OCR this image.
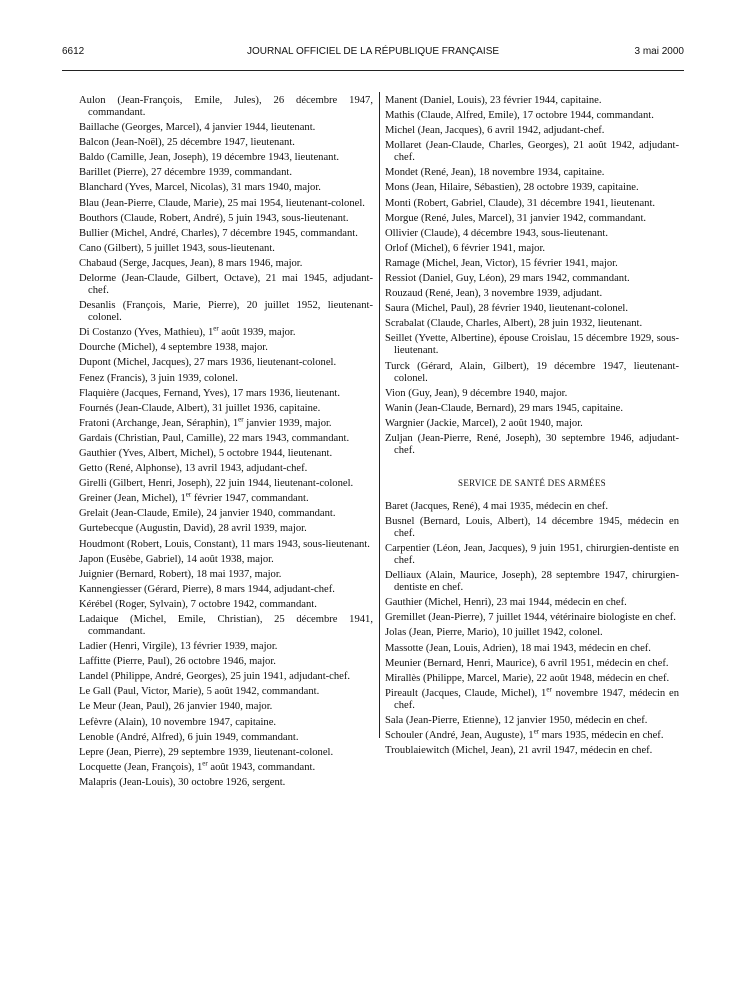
6612	JOURNAL OFFICIEL DE LA RÉPUBLIQUE FRANÇAISE	3 mai 2000
Aulon (Jean-François, Emile, Jules), 26 décembre 1947, commandant.
Baillache (Georges, Marcel), 4 janvier 1944, lieutenant.
Balcon (Jean-Noël), 25 décembre 1947, lieutenant.
Baldo (Camille, Jean, Joseph), 19 décembre 1943, lieutenant.
Barillet (Pierre), 27 décembre 1939, commandant.
Blanchard (Yves, Marcel, Nicolas), 31 mars 1940, major.
Blau (Jean-Pierre, Claude, Marie), 25 mai 1954, lieutenant-colonel.
Bouthors (Claude, Robert, André), 5 juin 1943, sous-lieutenant.
Bullier (Michel, André, Charles), 7 décembre 1945, commandant.
Cano (Gilbert), 5 juillet 1943, sous-lieutenant.
Chabaud (Serge, Jacques, Jean), 8 mars 1946, major.
Delorme (Jean-Claude, Gilbert, Octave), 21 mai 1945, adjudant-chef.
Desanlis (François, Marie, Pierre), 20 juillet 1952, lieutenant-colonel.
Di Costanzo (Yves, Mathieu), 1er août 1939, major.
Dourche (Michel), 4 septembre 1938, major.
Dupont (Michel, Jacques), 27 mars 1936, lieutenant-colonel.
Fenez (Francis), 3 juin 1939, colonel.
Flaquière (Jacques, Fernand, Yves), 17 mars 1936, lieutenant.
Fournés (Jean-Claude, Albert), 31 juillet 1936, capitaine.
Fratoni (Archange, Jean, Séraphin), 1er janvier 1939, major.
Gardais (Christian, Paul, Camille), 22 mars 1943, commandant.
Gauthier (Yves, Albert, Michel), 5 octobre 1944, lieutenant.
Getto (René, Alphonse), 13 avril 1943, adjudant-chef.
Girelli (Gilbert, Henri, Joseph), 22 juin 1944, lieutenant-colonel.
Greiner (Jean, Michel), 1er février 1947, commandant.
Grelait (Jean-Claude, Emile), 24 janvier 1940, commandant.
Gurtebecque (Augustin, David), 28 avril 1939, major.
Houdmont (Robert, Louis, Constant), 11 mars 1943, sous-lieutenant.
Japon (Eusèbe, Gabriel), 14 août 1938, major.
Juignier (Bernard, Robert), 18 mai 1937, major.
Kannengiesser (Gérard, Pierre), 8 mars 1944, adjudant-chef.
Kérébel (Roger, Sylvain), 7 octobre 1942, commandant.
Ladaique (Michel, Emile, Christian), 25 décembre 1941, commandant.
Ladier (Henri, Virgile), 13 février 1939, major.
Laffitte (Pierre, Paul), 26 octobre 1946, major.
Landel (Philippe, André, Georges), 25 juin 1941, adjudant-chef.
Le Gall (Paul, Victor, Marie), 5 août 1942, commandant.
Le Meur (Jean, Paul), 26 janvier 1940, major.
Lefèvre (Alain), 10 novembre 1947, capitaine.
Lenoble (André, Alfred), 6 juin 1949, commandant.
Lepre (Jean, Pierre), 29 septembre 1939, lieutenant-colonel.
Locquette (Jean, François), 1er août 1943, commandant.
Malapris (Jean-Louis), 30 octobre 1926, sergent.
Manent (Daniel, Louis), 23 février 1944, capitaine.
Mathis (Claude, Alfred, Emile), 17 octobre 1944, commandant.
Michel (Jean, Jacques), 6 avril 1942, adjudant-chef.
Mollaret (Jean-Claude, Charles, Georges), 21 août 1942, adjudant-chef.
Mondet (René, Jean), 18 novembre 1934, capitaine.
Mons (Jean, Hilaire, Sébastien), 28 octobre 1939, capitaine.
Monti (Robert, Gabriel, Claude), 31 décembre 1941, lieutenant.
Morgue (René, Jules, Marcel), 31 janvier 1942, commandant.
Ollivier (Claude), 4 décembre 1943, sous-lieutenant.
Orlof (Michel), 6 février 1941, major.
Ramage (Michel, Jean, Victor), 15 février 1941, major.
Ressiot (Daniel, Guy, Léon), 29 mars 1942, commandant.
Rouzaud (René, Jean), 3 novembre 1939, adjudant.
Saura (Michel, Paul), 28 février 1940, lieutenant-colonel.
Scrabalat (Claude, Charles, Albert), 28 juin 1932, lieutenant.
Seillet (Yvette, Albertine), épouse Croislau, 15 décembre 1929, sous-lieutenant.
Turck (Gérard, Alain, Gilbert), 19 décembre 1947, lieutenant-colonel.
Vion (Guy, Jean), 9 décembre 1940, major.
Wanin (Jean-Claude, Bernard), 29 mars 1945, capitaine.
Wargnier (Jackie, Marcel), 2 août 1940, major.
Zuljan (Jean-Pierre, René, Joseph), 30 septembre 1946, adjudant-chef.
SERVICE DE SANTÉ DES ARMÉES
Baret (Jacques, René), 4 mai 1935, médecin en chef.
Busnel (Bernard, Louis, Albert), 14 décembre 1945, médecin en chef.
Carpentier (Léon, Jean, Jacques), 9 juin 1951, chirurgien-dentiste en chef.
Delliaux (Alain, Maurice, Joseph), 28 septembre 1947, chirurgien-dentiste en chef.
Gauthier (Michel, Henri), 23 mai 1944, médecin en chef.
Gremillet (Jean-Pierre), 7 juillet 1944, vétérinaire biologiste en chef.
Jolas (Jean, Pierre, Mario), 10 juillet 1942, colonel.
Massotte (Jean, Louis, Adrien), 18 mai 1943, médecin en chef.
Meunier (Bernard, Henri, Maurice), 6 avril 1951, médecin en chef.
Mirallès (Philippe, Marcel, Marie), 22 août 1948, médecin en chef.
Pireault (Jacques, Claude, Michel), 1er novembre 1947, médecin en chef.
Sala (Jean-Pierre, Etienne), 12 janvier 1950, médecin en chef.
Schouler (André, Jean, Auguste), 1er mars 1935, médecin en chef.
Troublaiewitch (Michel, Jean), 21 avril 1947, médecin en chef.
